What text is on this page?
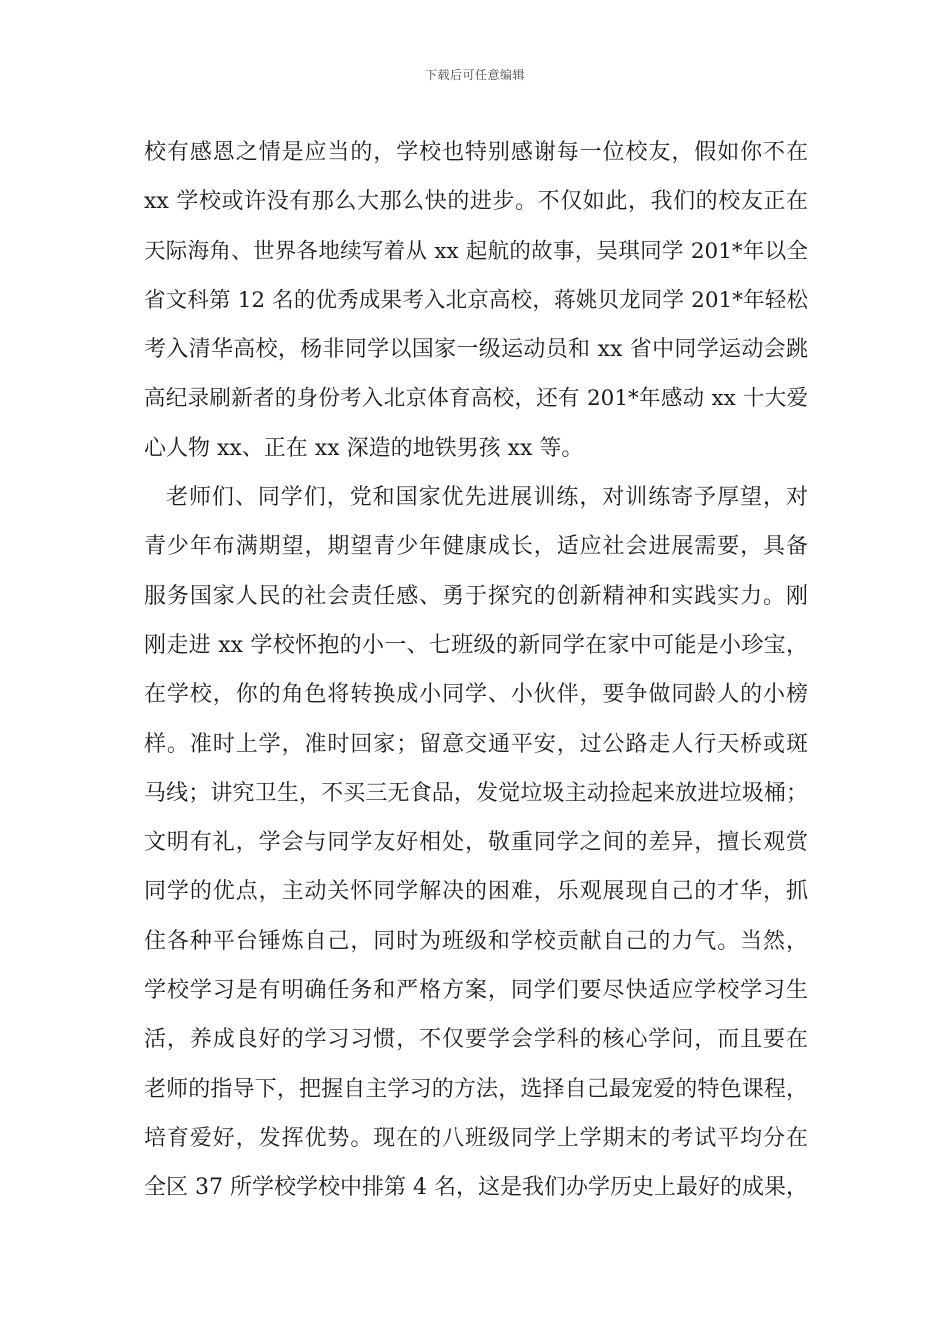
下载后可任意编辑
校有感恩之情是应当的，学校也特别感谢每一位校友，假如你不在
xx 学校或许没有那么大那么快的进步。不仅如此，我们的校友正在
天际海角、世界各地续写着从 xx 起航的故事，吴琪同学 201*年以全
省文科第 12 名的优秀成果考入北京高校，蒋姚贝龙同学 201*年轻松
考入清华高校，杨非同学以国家一级运动员和 xx 省中同学运动会跳
高纪录刷新者的身份考入北京体育高校，还有 201*年感动 xx 十大爱
心人物 xx、正在 xx 深造的地铁男孩 xx 等。
老师们、同学们，党和国家优先进展训练，对训练寄予厚望，对
青少年布满期望，期望青少年健康成长，适应社会进展需要，具备
服务国家人民的社会责任感、勇于探究的创新精神和实践实力。刚
刚走进 xx 学校怀抱的小一、七班级的新同学在家中可能是小珍宝，
在学校，你的角色将转换成小同学、小伙伴，要争做同龄人的小榜
样。准时上学，准时回家；留意交通平安，过公路走人行天桥或斑
马线；讲究卫生，不买三无食品，发觉垃圾主动捡起来放进垃圾桶；
文明有礼，学会与同学友好相处，敬重同学之间的差异，擅长观赏
同学的优点，主动关怀同学解决的困难，乐观展现自己的才华，抓
住各种平台锤炼自己，同时为班级和学校贡献自己的力气。当然，
学校学习是有明确任务和严格方案，同学们要尽快适应学校学习生
活，养成良好的学习习惯，不仅要学会学科的核心学问，而且要在
老师的指导下，把握自主学习的方法，选择自己最宠爱的特色课程，
培育爱好，发挥优势。现在的八班级同学上学期末的考试平均分在
全区 37 所学校学校中排第 4 名，这是我们办学历史上最好的成果，
